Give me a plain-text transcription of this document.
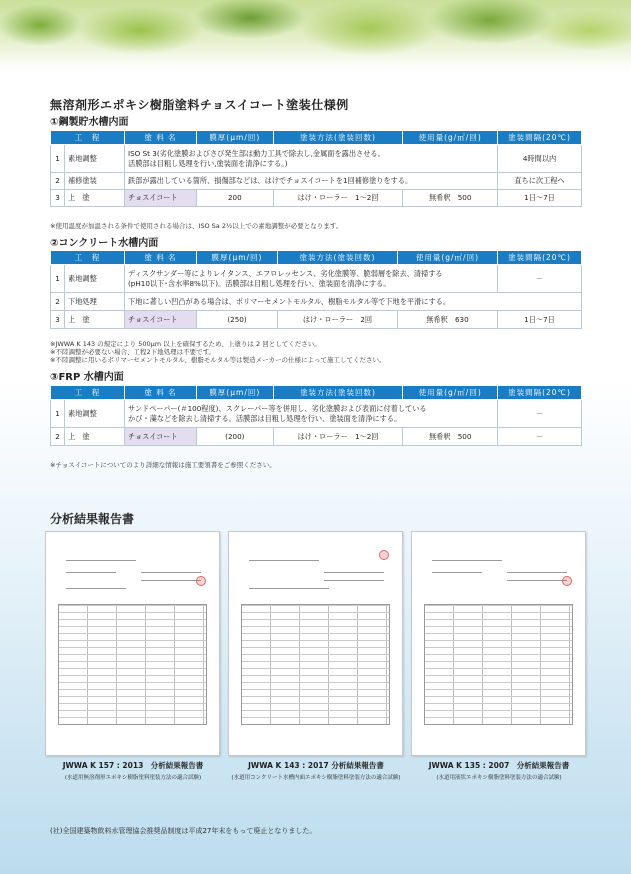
無溶剤形エポキシ樹脂塗料チョスイコート塗装仕様例
①鋼製貯水槽内面
工　程		塗 料 名	膜厚(μm/回)	塗装方法(塗装回数)	使用量(g/㎡/回)	塗装間隔(20℃)
1	素地調整	ISO St 3(劣化塗膜およびさび発生部は動力工具で除去し,金属面を露出させる。
活膜部は目粗し処理を行い,塗装面を清浄にする。)				4時間以内
2	補修塗装	鉄部が露出している箇所、損傷部などは、はけでチョスイコートを1回補修塗りをする。				直ちに次工程へ
3	上　塗	チョスイコート	200	はけ・ローラー　1～2回	無希釈　500	1日～7日
※使用温度が加温される条件で使用される場合は、ISO Sa 2½以上での素地調整が必要となります。
②コンクリート水槽内面
工　程		塗 料 名	膜厚(μm/回)	塗装方法(塗装回数)	使用量(g/㎡/回)	塗装間隔(20℃)
1	素地調整	ディスクサンダー等によりレイタンス、エフロレッセンス、劣化塗膜等、脆弱層を除去、清掃する
(pH10以下･含水率8%以下)。活膜部は目粗し処理を行い、塗装面を清浄にする。				－
2	下地処理	下地に著しい凹凸がある場合は、ポリマーセメントモルタル、樹脂モルタル等で下地を平滑にする。				
3	上　塗	チョスイコート	(250)	はけ・ローラー　2回	無希釈　630	1日～7日
※JWWA K 143 の規定により 500μm 以上を確保するため、上塗りは 2 回としてください。
※不陸調整が必要ない場合、工程2下地処理は不要です。
※不陸調整に用いるポリマーセメントモルタル、樹脂モルタル等は製造メーカーの仕様によって施工してください。
③FRP 水槽内面
工　程		塗 料 名	膜厚(μm/回)	塗装方法(塗装回数)	使用量(g/㎡/回)	塗装間隔(20℃)
1	素地調整	サンドペーパー(＃100程度)、スクレーパー等を併用し、劣化塗膜および表面に付着している
かび・藻などを除去し清掃する。活膜部は目粗し処理を行い、塗装面を清浄にする。				－
2	上　塗	チョスイコート	(200)	はけ・ローラー　1～2回	無希釈　500	－
※チョスイコートについてのより詳細な情報は施工要領書をご参照ください。
分析結果報告書
JWWA K 157 : 2013　分析結果報告書
(水道用無溶剤形エポキシ樹脂塗料塗装方法の適合試験)
JWWA K 143 : 2017 分析結果報告書
(水道用コンクリート水槽内面エポキシ樹脂塗料塗装方法の適合試験)
JWWA K 135 : 2007　分析結果報告書
(水道用液状エポキシ樹脂塗料塗装方法の適合試験)
(社)全国建築物飲料水管理協会推奨品制度は平成27年末をもって廃止となりました。
